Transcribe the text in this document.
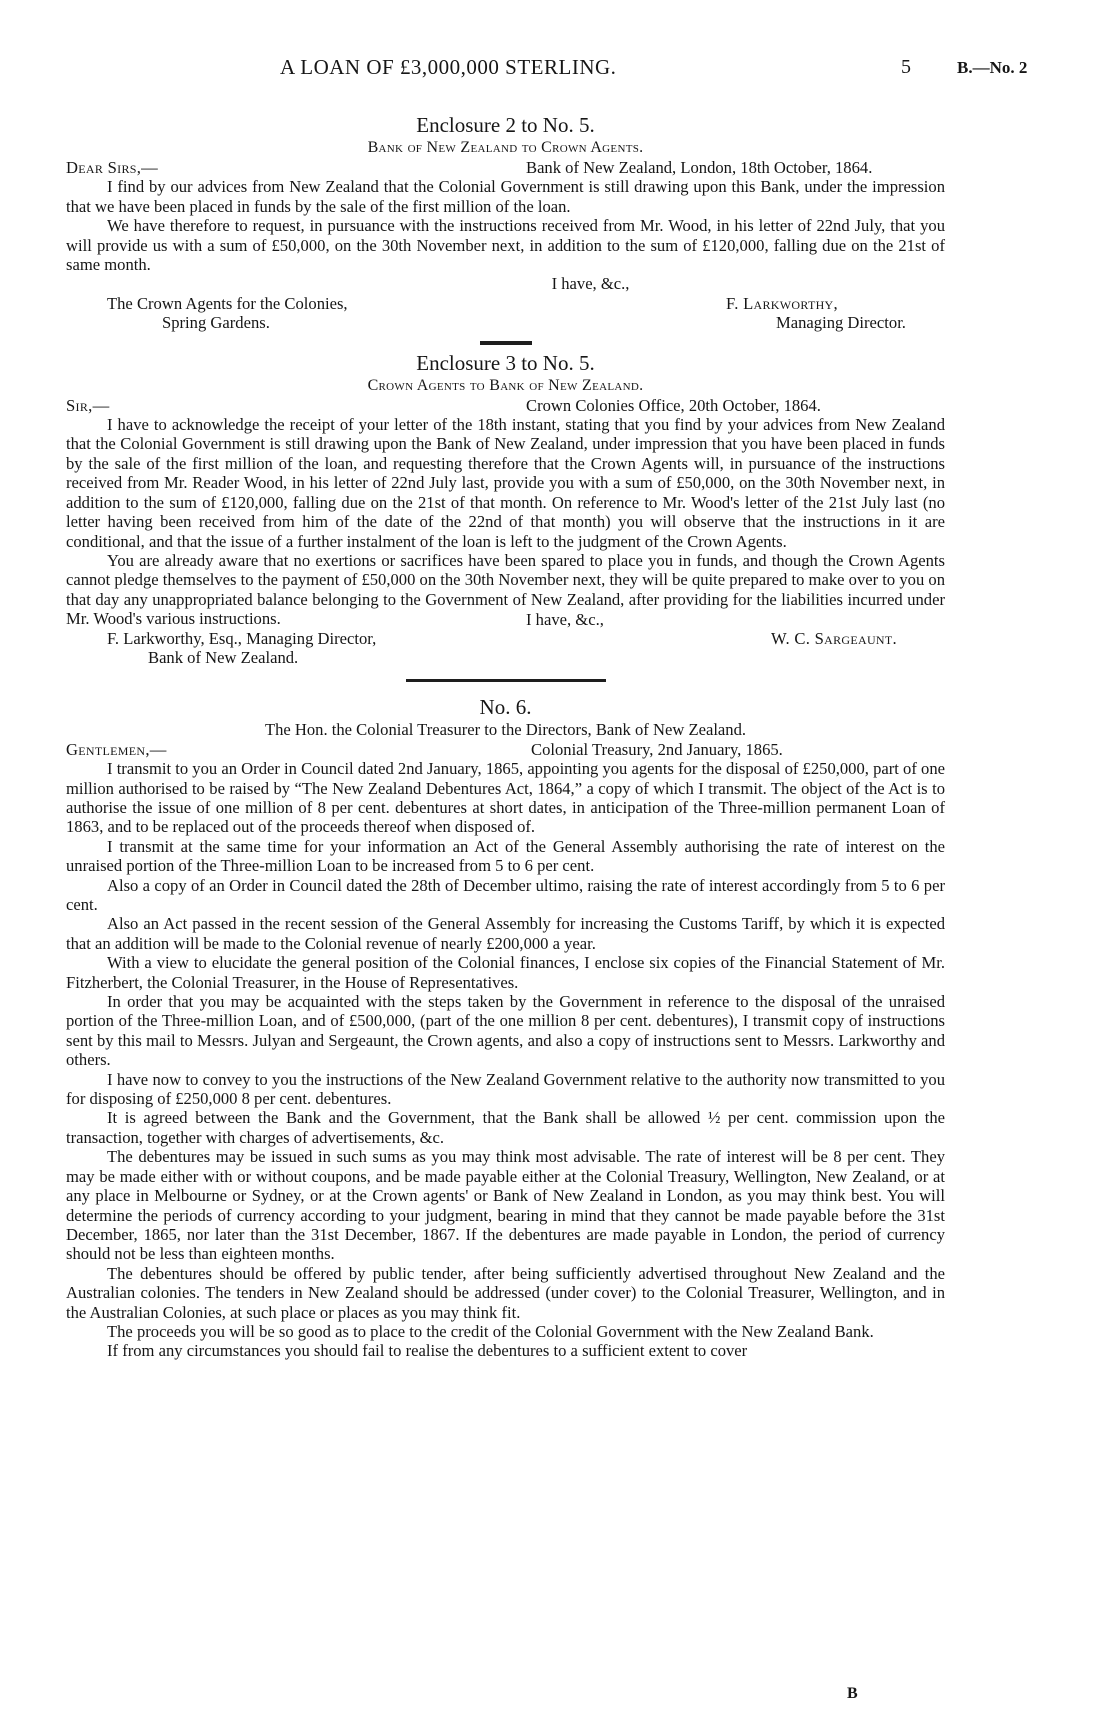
A LOAN OF £3,000,000 STERLING.	5	B.—No. 2
Enclosure 2 to No. 5.
Bank of New Zealand to Crown Agents.
Dear Sirs,—	Bank of New Zealand, London, 18th October, 1864.

I find by our advices from New Zealand that the Colonial Government is still drawing upon this Bank, under the impression that we have been placed in funds by the sale of the first million of the loan.

We have therefore to request, in pursuance with the instructions received from Mr. Wood, in his letter of 22nd July, that you will provide us with a sum of £50,000, on the 30th November next, in addition to the sum of £120,000, falling due on the 21st of same month.

I have, &c.,
The Crown Agents for the Colonies,
Spring Gardens.
F. Larkworthy,
Managing Director.
Enclosure 3 to No. 5.
Crown Agents to Bank of New Zealand.
Sir,—	Crown Colonies Office, 20th October, 1864.

I have to acknowledge the receipt of your letter of the 18th instant, stating that you find by your advices from New Zealand that the Colonial Government is still drawing upon the Bank of New Zealand, under impression that you have been placed in funds by the sale of the first million of the loan, and requesting therefore that the Crown Agents will, in pursuance of the instructions received from Mr. Reader Wood, in his letter of 22nd July last, provide you with a sum of £50,000, on the 30th November next, in addition to the sum of £120,000, falling due on the 21st of that month. On reference to Mr. Wood's letter of the 21st July last (no letter having been received from him of the date of the 22nd of that month) you will observe that the instructions in it are conditional, and that the issue of a further instalment of the loan is left to the judgment of the Crown Agents.

You are already aware that no exertions or sacrifices have been spared to place you in funds, and though the Crown Agents cannot pledge themselves to the payment of £50,000 on the 30th November next, they will be quite prepared to make over to you on that day any unappropriated balance belonging to the Government of New Zealand, after providing for the liabilities incurred under Mr. Wood's various instructions.

F. Larkworthy, Esq., Managing Director,
Bank of New Zealand.
I have, &c.,
W. C. Sargeaunt.
No. 6.
The Hon. the Colonial Treasurer to the Directors, Bank of New Zealand.
Gentlemen,—	Colonial Treasury, 2nd January, 1865.

I transmit to you an Order in Council dated 2nd January, 1865, appointing you agents for the disposal of £250,000, part of one million authorised to be raised by “The New Zealand Debentures Act, 1864,” a copy of which I transmit. The object of the Act is to authorise the issue of one million of 8 per cent. debentures at short dates, in anticipation of the Three-million permanent Loan of 1863, and to be replaced out of the proceeds thereof when disposed of.

I transmit at the same time for your information an Act of the General Assembly authorising the rate of interest on the unraised portion of the Three-million Loan to be increased from 5 to 6 per cent.

Also a copy of an Order in Council dated the 28th of December ultimo, raising the rate of interest accordingly from 5 to 6 per cent.

Also an Act passed in the recent session of the General Assembly for increasing the Customs Tariff, by which it is expected that an addition will be made to the Colonial revenue of nearly £200,000 a year.

With a view to elucidate the general position of the Colonial finances, I enclose six copies of the Financial Statement of Mr. Fitzherbert, the Colonial Treasurer, in the House of Representatives.

In order that you may be acquainted with the steps taken by the Government in reference to the disposal of the unraised portion of the Three-million Loan, and of £500,000, (part of the one million 8 per cent. debentures), I transmit copy of instructions sent by this mail to Messrs. Julyan and Sergeaunt, the Crown agents, and also a copy of instructions sent to Messrs. Larkworthy and others.

I have now to convey to you the instructions of the New Zealand Government relative to the authority now transmitted to you for disposing of £250,000 8 per cent. debentures.

It is agreed between the Bank and the Government, that the Bank shall be allowed ½ per cent. commission upon the transaction, together with charges of advertisements, &c.

The debentures may be issued in such sums as you may think most advisable. The rate of interest will be 8 per cent. They may be made either with or without coupons, and be made payable either at the Colonial Treasury, Wellington, New Zealand, or at any place in Melbourne or Sydney, or at the Crown agents' or Bank of New Zealand in London, as you may think best. You will determine the periods of currency according to your judgment, bearing in mind that they cannot be made payable before the 31st December, 1865, nor later than the 31st December, 1867. If the debentures are made payable in London, the period of currency should not be less than eighteen months.

The debentures should be offered by public tender, after being sufficiently advertised throughout New Zealand and the Australian colonies. The tenders in New Zealand should be addressed (under cover) to the Colonial Treasurer, Wellington, and in the Australian Colonies, at such place or places as you may think fit.

The proceeds you will be so good as to place to the credit of the Colonial Government with the New Zealand Bank.

If from any circumstances you should fail to realise the debentures to a sufficient extent to cover

B
